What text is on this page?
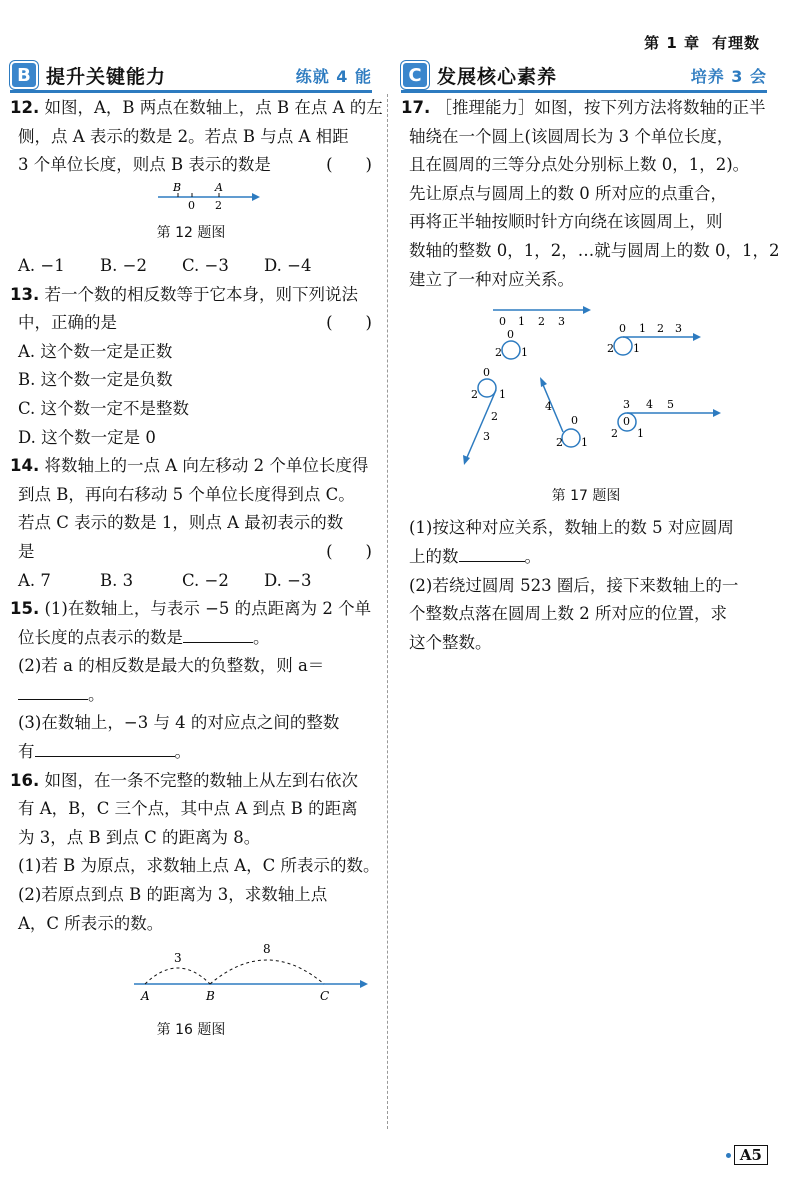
第 1 章 有理数
B 提升关键能力	练就 4 能	C 发展核心素养	培养 3 会
12. 如图，A，B 两点在数轴上，点 B 在点 A 的左
侧，点 A 表示的数是 2。若点 B 与点 A 相距
3 个单位长度，则点 B 表示的数是	(　　)
B	A
0 2
第 12 题图
A. −1	B. −2	C. −3	D. −4
13. 若一个数的相反数等于它本身，则下列说法
中，正确的是	(　　)
A. 这个数一定是正数
B. 这个数一定是负数
C. 这个数一定不是整数
D. 这个数一定是 0
14. 将数轴上的一点 A 向左移动 2 个单位长度得
到点 B，再向右移动 5 个单位长度得到点 C。
若点 C 表示的数是 1，则点 A 最初表示的数
是	(　　)
A. 7	B. 3	C. −2	D. −3
15. (1)在数轴上，与表示 −5 的点距离为 2 个单
位长度的点表示的数是	。
(2)若 a 的相反数是最大的负整数，则 a＝
。
(3)在数轴上，−3 与 4 的对应点之间的整数
有	。
16. 如图，在一条不完整的数轴上从左到右依次
有 A，B，C 三个点，其中点 A 到点 B 的距离
为 3，点 B 到点 C 的距离为 8。
(1)若 B 为原点，求数轴上点 A，C 所表示的数。
(2)若原点到点 B 的距离为 3，求数轴上点
A，C 所表示的数。
3
8
A	B	C
第 16 题图
17. ［推理能力］如图，按下列方法将数轴的正半
轴绕在一个圆上(该圆周长为 3 个单位长度，
且在圆周的三等分点处分别标上数 0，1，2)。
先让原点与圆周上的数 0 所对应的点重合，
再将正半轴按顺时针方向绕在该圆周上，则
数轴的整数 0，1，2，…就与圆周上的数 0，1，2
建立了一种对应关系。
0 1 2 3
0
1
2
0 1 2 3
2 1
0
1
2
2
3
4
0
1
2
3 4 5
0
1
2
第 17 题图
(1)按这种对应关系，数轴上的数 5 对应圆周
上的数	。
(2)若绕过圆周 523 圈后，接下来数轴上的一
个整数点落在圆周上数 2 所对应的位置，求
这个整数。
A5
